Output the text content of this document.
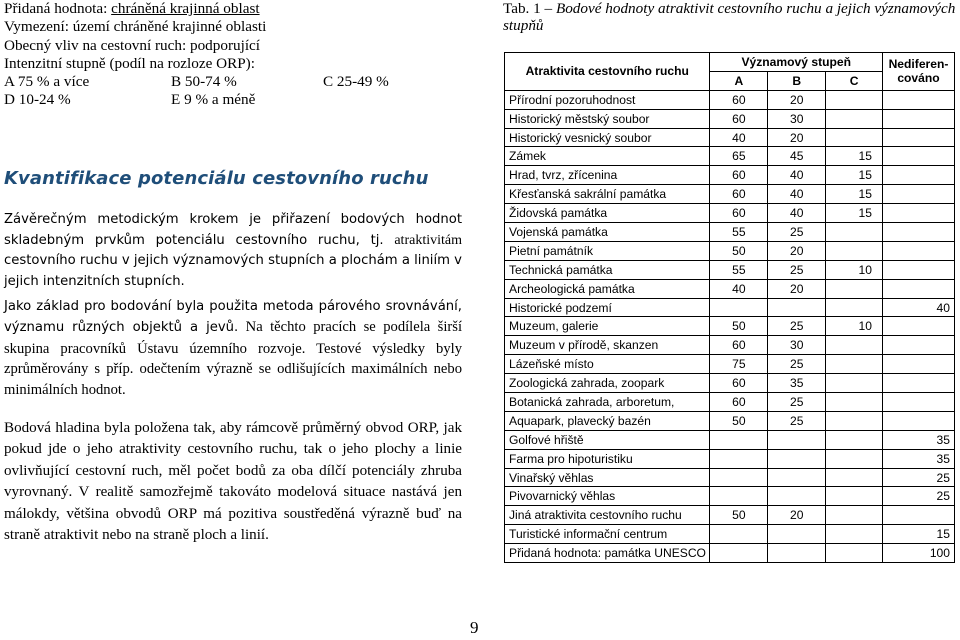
Přidaná hodnota: chráněná krajinná oblast
Vymezení: území chráněné krajinné oblasti
Obecný vliv na cestovní ruch: podporující
Intenzitní stupně (podíl na rozloze ORP):
A 75 % a více	B 50-74 %	C 25-49 %
D 10-24 %	E 9 % a méně
Kvantifikace potenciálu cestovního ruchu

Závěrečným metodickým krokem je přiřazení bodových hodnot skladebným prvkům potenciálu cestovního ruchu, tj. atraktivitám cestovního ruchu v jejich významových stupních a plochám a liniím v jejich intenzitních stupních.

Jako základ pro bodování byla použita metoda párového srovnávání, významu různých objektů a jevů. Na těchto pracích se podílela širší skupina pracovníků Ústavu územního rozvoje. Testové výsledky byly zprůměrovány s příp. odečtením výrazně se odlišujících maximálních nebo minimálních hodnot.

Bodová hladina byla položena tak, aby rámcově průměrný obvod ORP, jak pokud jde o jeho atraktivity cestovního ruchu, tak o jeho plochy a linie ovlivňující cestovní ruch, měl počet bodů za oba dílčí potenciály zhruba vyrovnaný. V realitě samozřejmě takováto modelová situace nastává jen málokdy, většina obvodů ORP má pozitiva soustředěná výrazně buď na straně atraktivit nebo na straně ploch a linií.

9
Tab. 1 – Bodové hodnoty atraktivit cestovního ruchu a jejich významových stupňů
Atraktivita cestovního ruchu	Významový stupeň			Nediferen-cováno
	A	B	C	
Přírodní pozoruhodnost	60	20		
Historický městský soubor	60	30		
Historický vesnický soubor	40	20		
Zámek	65	45	15	
Hrad, tvrz, zřícenina	60	40	15	
Křesťanská sakrální památka	60	40	15	
Židovská památka	60	40	15	
Vojenská památka	55	25		
Pietní památník	50	20		
Technická památka	55	25	10	
Archeologická památka	40	20		
Historické podzemí				40
Muzeum, galerie	50	25	10	
Muzeum v přírodě, skanzen	60	30		
Lázeňské místo	75	25		
Zoologická zahrada, zoopark	60	35		
Botanická zahrada, arboretum,	60	25		
Aquapark, plavecký bazén	50	25		
Golfové hřiště				35
Farma pro hipoturistiku				35
Vinařský věhlas				25
Pivovarnický věhlas				25
Jiná atraktivita cestovního ruchu	50	20		
Turistické informační centrum				15
Přidaná hodnota: památka UNESCO				100
